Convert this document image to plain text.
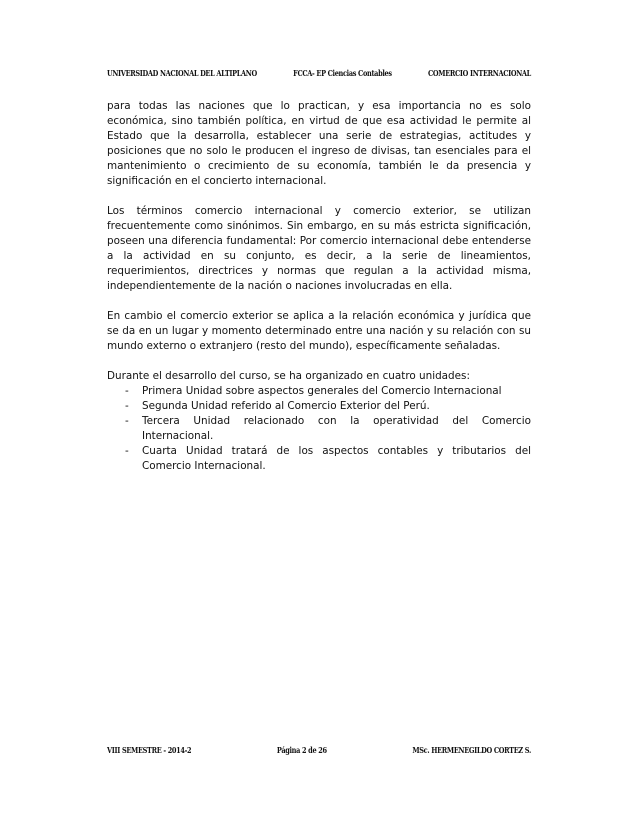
UNIVERSIDAD NACIONAL DEL ALTIPLANO	FCCA- EP Ciencias Contables	COMERCIO INTERNACIONAL

para todas las naciones que lo practican, y esa importancia no es solo económica, sino también política, en virtud de que esa actividad le permite al Estado que la desarrolla, establecer una serie de estrategias, actitudes y posiciones que no solo le producen el ingreso de divisas, tan esenciales para el mantenimiento o crecimiento de su economía, también le da presencia y significación en el concierto internacional.

Los términos comercio internacional y comercio exterior, se utilizan frecuentemente como sinónimos. Sin embargo, en su más estricta significación, poseen una diferencia fundamental: Por comercio internacional debe entenderse a la actividad en su conjunto, es decir, a la serie de lineamientos, requerimientos, directrices y normas que regulan a la actividad misma, independientemente de la nación o naciones involucradas en ella.

En cambio el comercio exterior se aplica a la relación económica y jurídica que se da en un lugar y momento determinado entre una nación y su relación con su mundo externo o extranjero (resto del mundo), específicamente señaladas.

Durante el desarrollo del curso, se ha organizado en cuatro unidades:
- Primera Unidad sobre aspectos generales del Comercio Internacional
- Segunda Unidad referido al Comercio Exterior del Perú.
- Tercera Unidad relacionado con la operatividad del Comercio Internacional.
- Cuarta Unidad tratará de los aspectos contables y tributarios del Comercio Internacional.
VIII SEMESTRE - 2014-2	Página 2 de 26	MSc. HERMENEGILDO CORTEZ S.
